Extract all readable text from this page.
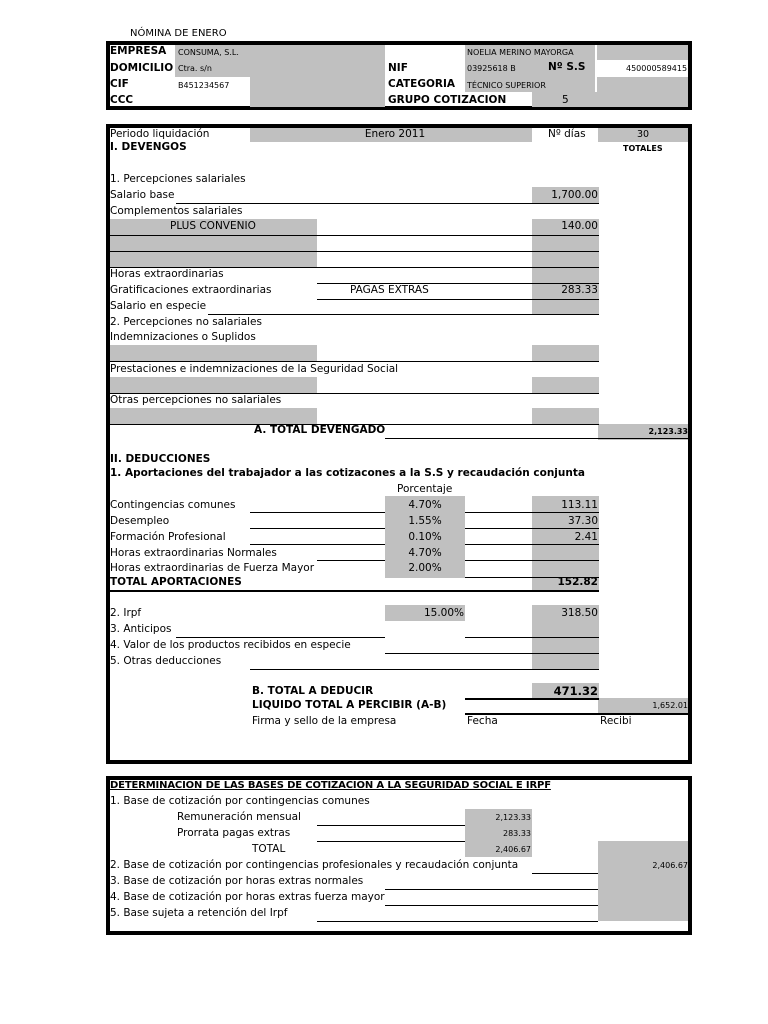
NÓMINA DE ENERO
EMPRESA CONSUMA, S.L.
DOMICILIO Ctra. s/n
CIF	B451234567
CCC
NOELIA MERINO MAYORGA
NIF	03925618 B	Nº S.S	450000589415
CATEGORIA TÉCNICO SUPERIOR
GRUPO COTIZACION	5
Periodo liquidación	Enero 2011	Nº días	30
I. DEVENGOS	TOTALES
1. Percepciones salariales
Salario base	1,700.00
Complementos salariales
PLUS CONVENIO	140.00
Horas extraordinarias
Gratificaciones extraordinarias	PAGAS EXTRAS	283.33
Salario en especie
2. Percepciones no salariales
Indemnizaciones o Suplidos
Prestaciones e indemnizaciones de la Seguridad Social
Otras percepciones no salariales
A. TOTAL DEVENGADO	2,123.33
II. DEDUCCIONES
1. Aportaciones del trabajador a las cotizacones a la S.S y recaudación conjunta
Porcentaje
Contingencias comunes	4.70%	113.11
Desempleo	1.55%	37.30
Formación Profesional	0.10%	2.41
Horas extraordinarias Normales	4.70%
Horas extraordinarias de Fuerza Mayor	2.00%
TOTAL APORTACIONES	152.82
2. Irpf	15.00%	318.50
3. Anticipos
4. Valor de los productos recibidos en especie
5. Otras deducciones
B. TOTAL A DEDUCIR	471.32
LIQUIDO TOTAL A PERCIBIR (A-B)	1,652.01
Firma y sello de la empresa	Fecha	Recibi
DETERMINACIÓN DE LAS BASES DE COTIZACIÓN A LA SEGURIDAD SOCIAL E IRPF
1. Base de cotización por contingencias comunes
Remuneración mensual	2,123.33
Prorrata pagas extras	283.33
TOTAL	2,406.67
2. Base de cotización por contingencias profesionales y recaudación conjunta	2,406.67
3. Base de cotización por horas extras normales
4. Base de cotización por horas extras fuerza mayor
5. Base sujeta a retención del Irpf
